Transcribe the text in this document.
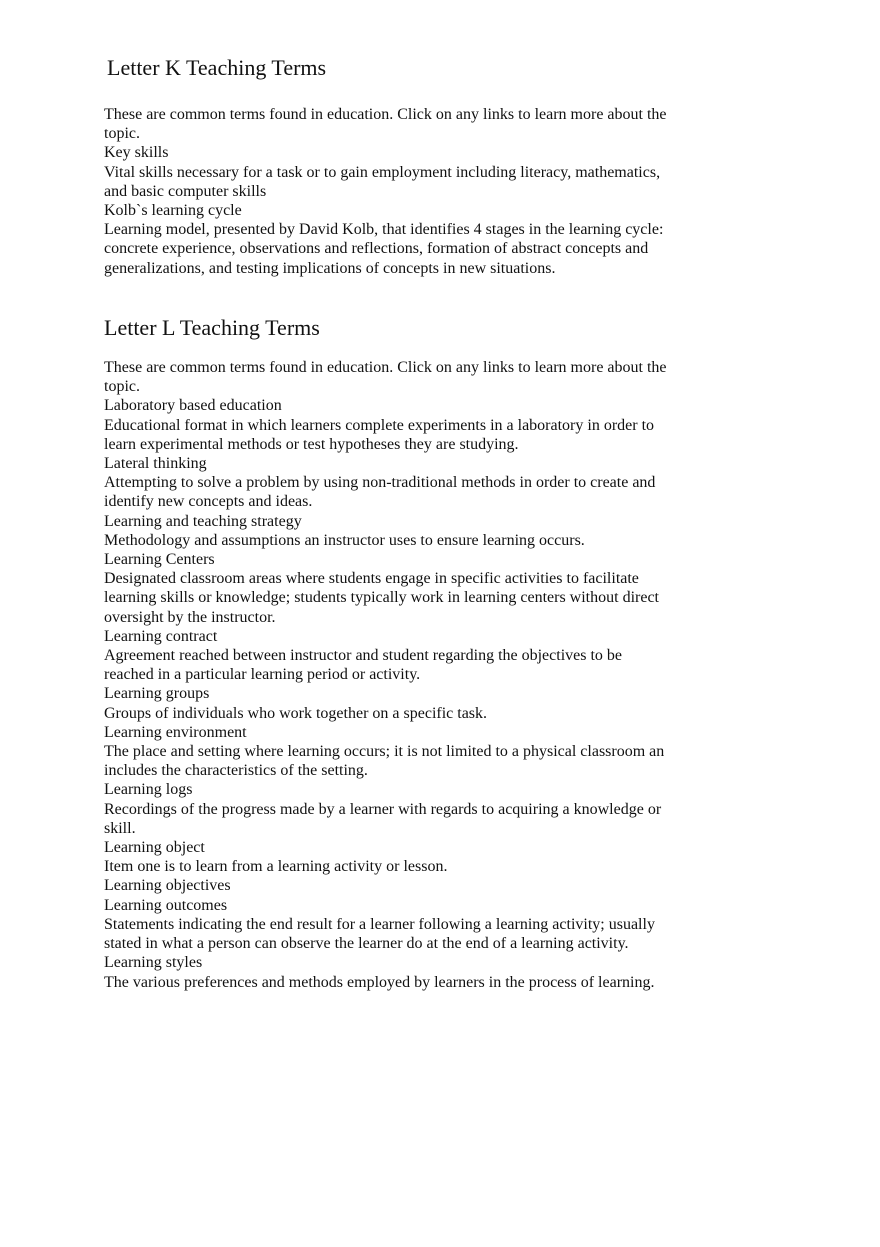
Letter K Teaching Terms

These are common terms found in education. Click on any links to learn more about the
topic.

Key skills

Vital skills necessary for a task or to gain employment including literacy, mathematics,
and basic computer skills

Kolb`s learning cycle

Learning model, presented by David Kolb, that identifies 4 stages in the learning cycle:
concrete experience, observations and reflections, formation of abstract concepts and
generalizations, and testing implications of concepts in new situations.

Letter L Teaching Terms

These are common terms found in education. Click on any links to learn more about the
topic.

Laboratory based education

Educational format in which learners complete experiments in a laboratory in order to
learn experimental methods or test hypotheses they are studying.

Lateral thinking

Attempting to solve a problem by using non-traditional methods in order to create and
identify new concepts and ideas.

Learning and teaching strategy

Methodology and assumptions an instructor uses to ensure learning occurs.

Learning Centers

Designated classroom areas where students engage in specific activities to facilitate
learning skills or knowledge; students typically work in learning centers without direct
oversight by the instructor.

Learning contract

Agreement reached between instructor and student regarding the objectives to be
reached in a particular learning period or activity.

Learning groups

Groups of individuals who work together on a specific task.

Learning environment

The place and setting where learning occurs; it is not limited to a physical classroom an
includes the characteristics of the setting.

Learning logs

Recordings of the progress made by a learner with regards to acquiring a knowledge or
skill.

Learning object

Item one is to learn from a learning activity or lesson.

Learning objectives

Learning outcomes

Statements indicating the end result for a learner following a learning activity; usually
stated in what a person can observe the learner do at the end of a learning activity.

Learning styles

The various preferences and methods employed by learners in the process of learning.
